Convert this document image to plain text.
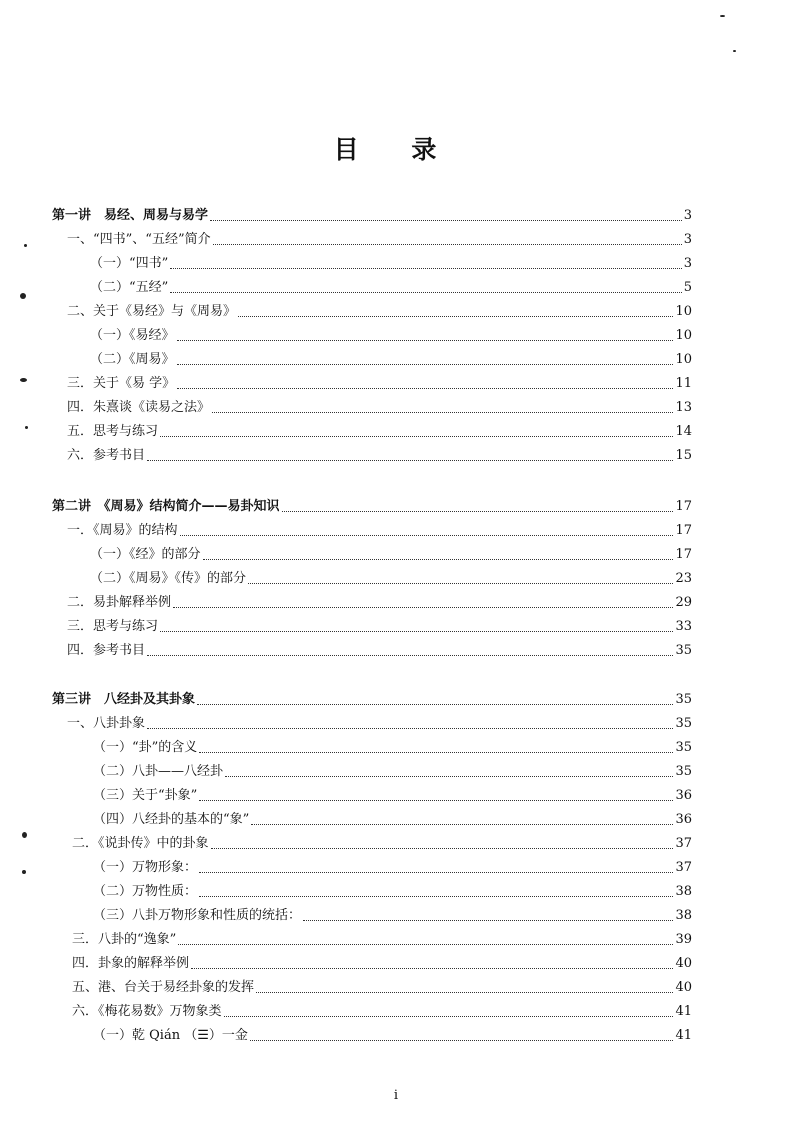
目 录
第一讲　易经、周易与易学	3
一、“四书”、“五经”简介	3
（一）“四书”	3
（二）“五经”	5
二、关于《易经》与《周易》	10
（一）《易经》	10
（二）《周易》	10
三．关于《易 学》	11
四．朱熹谈《读易之法》	13
五．思考与练习	14
六．参考书目	15
第二讲　《周易》结构简介——易卦知识	17
一．《周易》的结构	17
（一）《经》的部分	17
（二）《周易》《传》的部分	23
二．易卦解释举例	29
三．思考与练习	33
四．参考书目	35
第三讲　八经卦及其卦象	35
一、八卦卦象	35
（一）“卦”的含义	35
（二）八卦——八经卦	35
（三）关于“卦象”	36
（四）八经卦的基本的“象”	36
二．《说卦传》中的卦象	37
（一）万物形象：	37
（二）万物性质：	38
（三）八卦万物形象和性质的统括：	38
三．八卦的“逸象”	39
四．卦象的解释举例	40
五、港、台关于易经卦象的发挥	40
六．《梅花易数》万物象类	41
（一）乾 Qián （☰）一金	41
i
